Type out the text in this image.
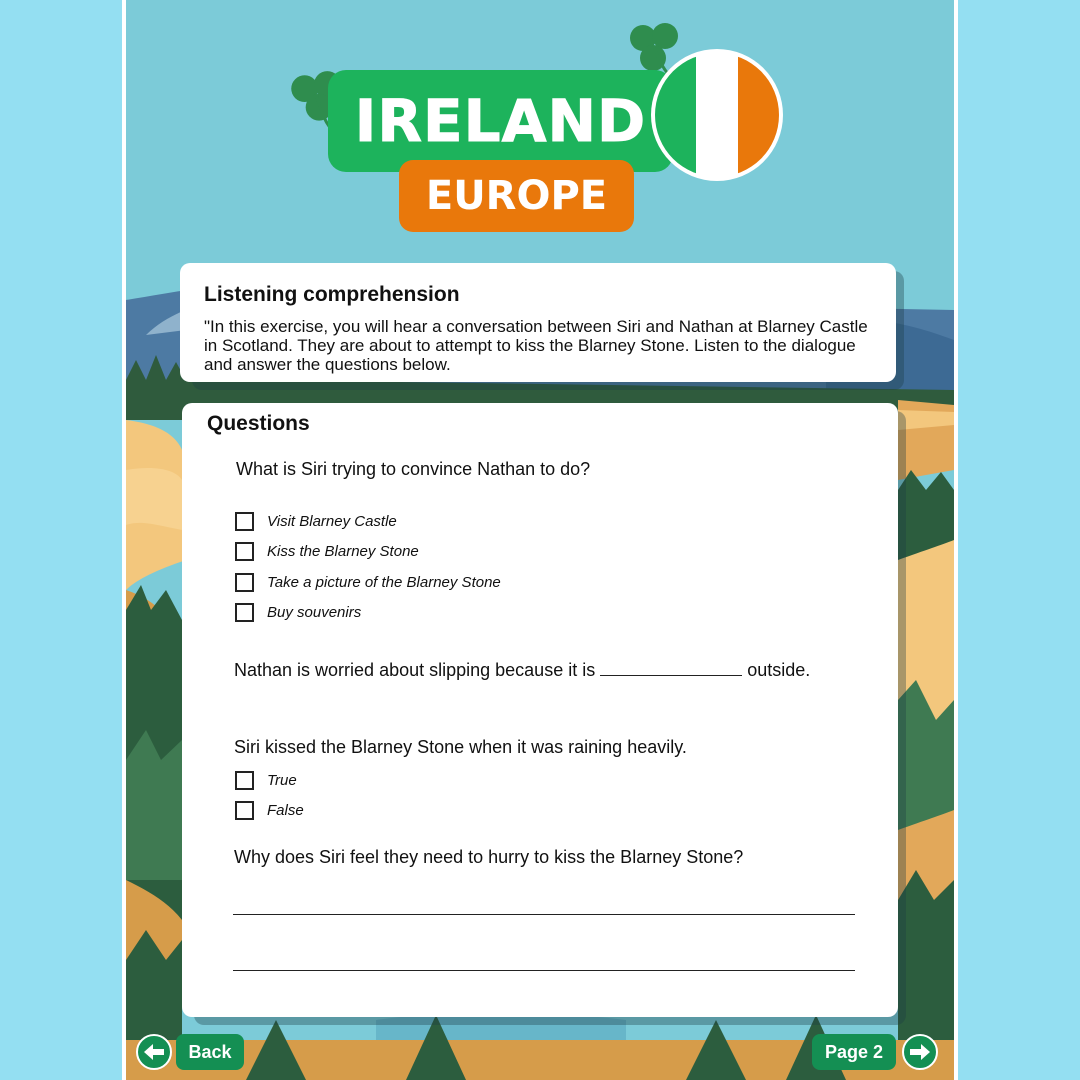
IRELAND
EUROPE
Listening comprehension
"In this exercise, you will hear a conversation between Siri and Nathan at Blarney Castle in Scotland. They are about to attempt to kiss the Blarney Stone. Listen to the dialogue and answer the questions below.
Questions
What is Siri trying to convince Nathan to do?
Visit Blarney Castle
Kiss the Blarney Stone
Take a picture of the Blarney Stone
Buy souvenirs
Nathan is worried about slipping because it is	outside.
Siri kissed the Blarney Stone when it was raining heavily.
True
False
Why does Siri feel they need to hurry to kiss the Blarney Stone?
Back	Page 2
